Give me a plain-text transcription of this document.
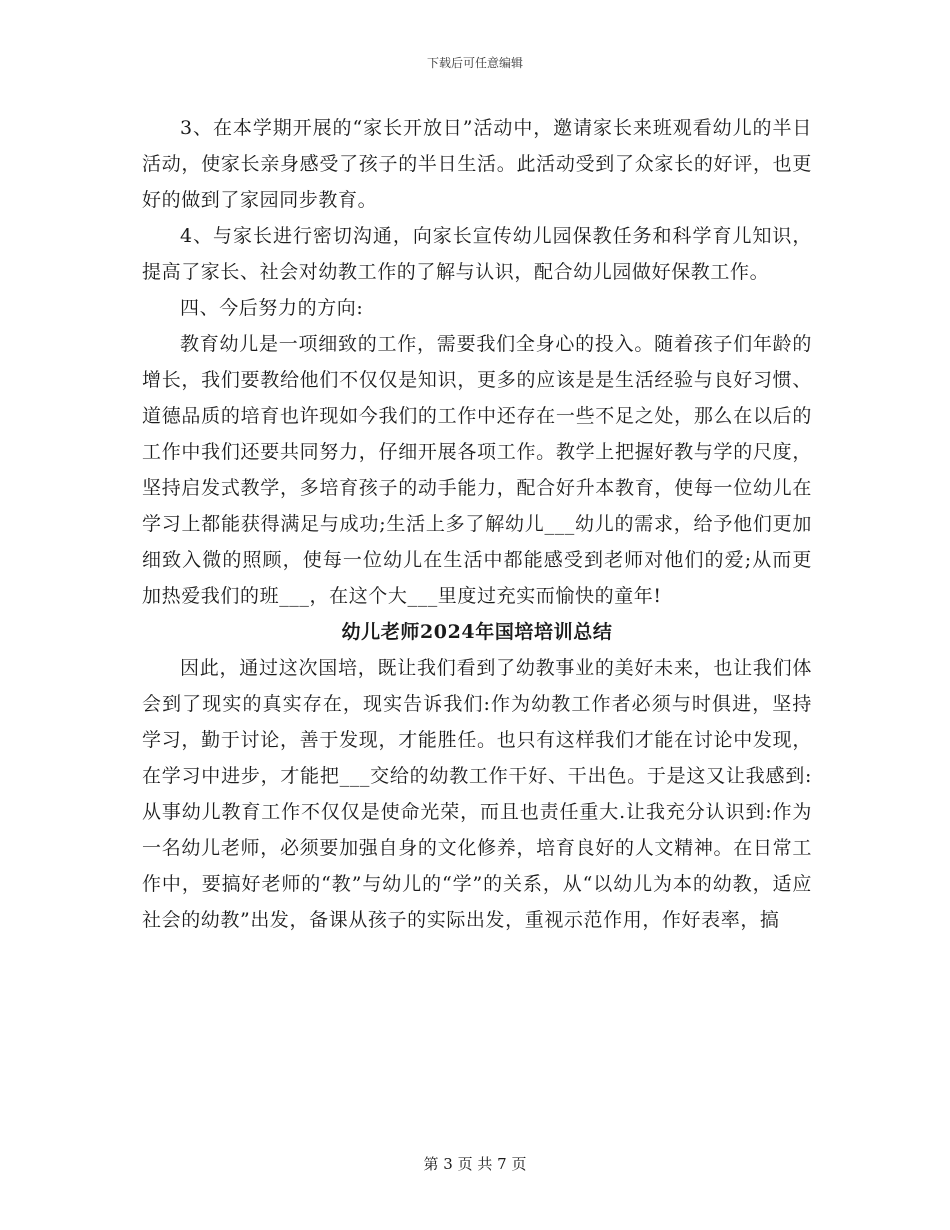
下载后可任意编辑

3、在本学期开展的“家长开放日”活动中，邀请家长来班观看幼儿的半日活动，使家长亲身感受了孩子的半日生活。此活动受到了众家长的好评，也更好的做到了家园同步教育。

4、与家长进行密切沟通，向家长宣传幼儿园保教任务和科学育儿知识，提高了家长、社会对幼教工作的了解与认识，配合幼儿园做好保教工作。

四、今后努力的方向:

教育幼儿是一项细致的工作，需要我们全身心的投入。随着孩子们年龄的增长，我们要教给他们不仅仅是知识，更多的应该是是生活经验与良好习惯、道德品质的培育也许现如今我们的工作中还存在一些不足之处，那么在以后的工作中我们还要共同努力，仔细开展各项工作。教学上把握好教与学的尺度，坚持启发式教学，多培育孩子的动手能力，配合好升本教育，使每一位幼儿在学习上都能获得满足与成功;生活上多了解幼儿___幼儿的需求，给予他们更加细致入微的照顾，使每一位幼儿在生活中都能感受到老师对他们的爱;从而更加热爱我们的班___，在这个大___里度过充实而愉快的童年!

幼儿老师2024年国培培训总结

因此，通过这次国培，既让我们看到了幼教事业的美好未来，也让我们体会到了现实的真实存在，现实告诉我们:作为幼教工作者必须与时俱进，坚持学习，勤于讨论，善于发现，才能胜任。也只有这样我们才能在讨论中发现，在学习中进步，才能把___交给的幼教工作干好、干出色。于是这又让我感到:从事幼儿教育工作不仅仅是使命光荣，而且也责任重大.让我充分认识到:作为一名幼儿老师，必须要加强自身的文化修养，培育良好的人文精神。在日常工作中，要搞好老师的“教”与幼儿的“学”的关系，从“以幼儿为本的幼教，适应社会的幼教”出发，备课从孩子的实际出发，重视示范作用，作好表率，搞

第 3 页 共 7 页
